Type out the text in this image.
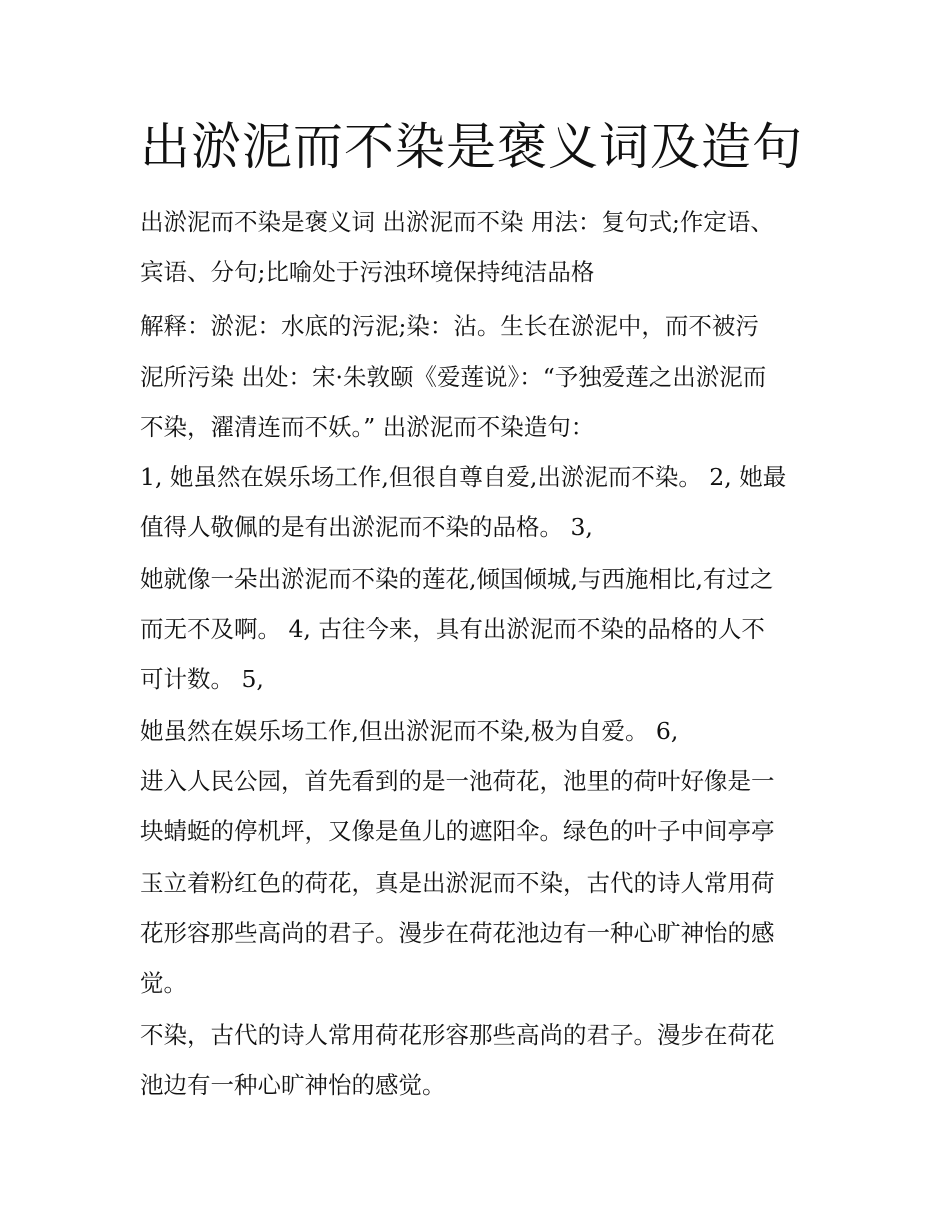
出淤泥而不染是褒义词及造句

出淤泥而不染是褒义词 出淤泥而不染 用法：复句式;作定语、

宾语、分句;比喻处于污浊环境保持纯洁品格

解释：淤泥：水底的污泥;染：沾。生长在淤泥中，而不被污

泥所污染 出处：宋·朱敦颐《爱莲说》：“予独爱莲之出淤泥而

不染，濯清连而不妖。” 出淤泥而不染造句：

1, 她虽然在娱乐场工作,但很自尊自爱,出淤泥而不染。 2, 她最

值得人敬佩的是有出淤泥而不染的品格。 3,

她就像一朵出淤泥而不染的莲花,倾国倾城,与西施相比,有过之

而无不及啊。 4, 古往今来，具有出淤泥而不染的品格的人不

可计数。 5,

她虽然在娱乐场工作,但出淤泥而不染,极为自爱。 6,

进入人民公园，首先看到的是一池荷花，池里的荷叶好像是一

块蜻蜓的停机坪，又像是鱼儿的遮阳伞。绿色的叶子中间亭亭

玉立着粉红色的荷花，真是出淤泥而不染，古代的诗人常用荷

花形容那些高尚的君子。漫步在荷花池边有一种心旷神怡的感

觉。

不染，古代的诗人常用荷花形容那些高尚的君子。漫步在荷花

池边有一种心旷神怡的感觉。
